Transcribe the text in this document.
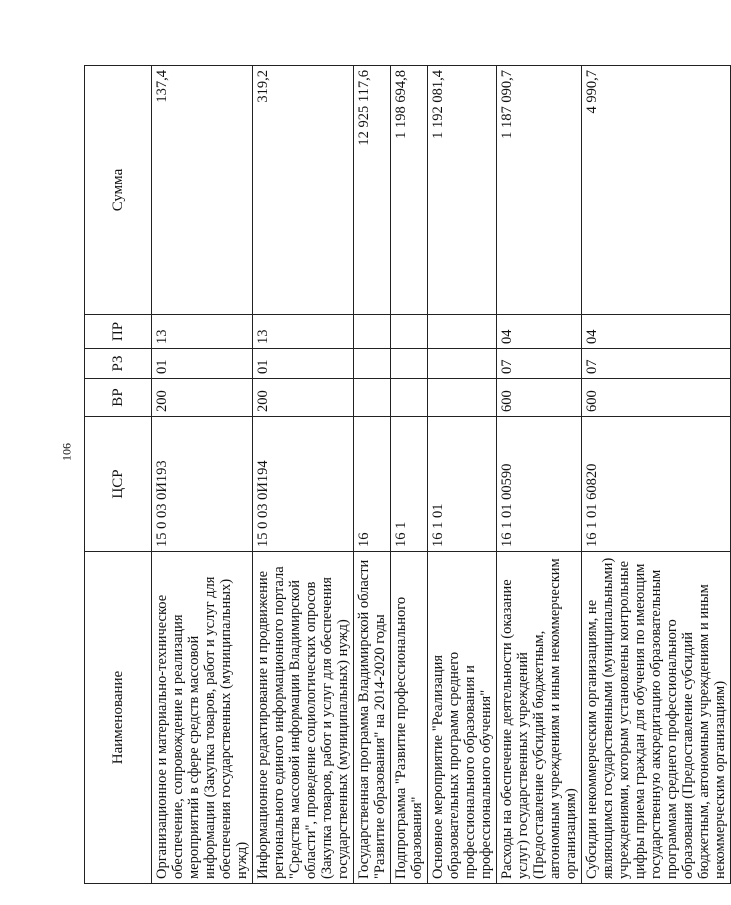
106
Наименование	ЦСР	ВР	РЗ	ПР	Сумма
Организационное и материально-техническое обеспечение, сопровождение и реализация мероприятий в сфере средств массовой информации (Закупка товаров, работ и услуг для обеспечения государственных (муниципальных) нужд)	15 0 03 0И193	200	01	13	137,4
Информационное редактирование и продвижение регионального единого информационного портала "Средства массовой информации Владимирской области", проведение социологических опросов (Закупка товаров, работ и услуг для обеспечения государственных (муниципальных) нужд)	15 0 03 0И194	200	01	13	319,2
Государственная программа Владимирской области "Развитие образования" на 2014-2020 годы	16				12 925 117,6
Подпрограмма "Развитие профессионального образования"	16 1				1 198 694,8
Основное мероприятие "Реализация образовательных программ среднего профессионального образования и профессионального обучения"	16 1 01				1 192 081,4
Расходы на обеспечение деятельности (оказание услуг) государственных учреждений (Предоставление субсидий бюджетным, автономным учреждениям и иным некоммерческим организациям)	16 1 01 00590	600	07	04	1 187 090,7
Субсидии некоммерческим организациям, не являющимся государственными (муниципальными) учреждениями, которым установлены контрольные цифры приема граждан для обучения по имеющим государственную аккредитацию образовательным программам среднего профессионального образования (Предоставление субсидий бюджетным, автономным учреждениям и иным некоммерческим организациям)	16 1 01 60820	600	07	04	4 990,7
